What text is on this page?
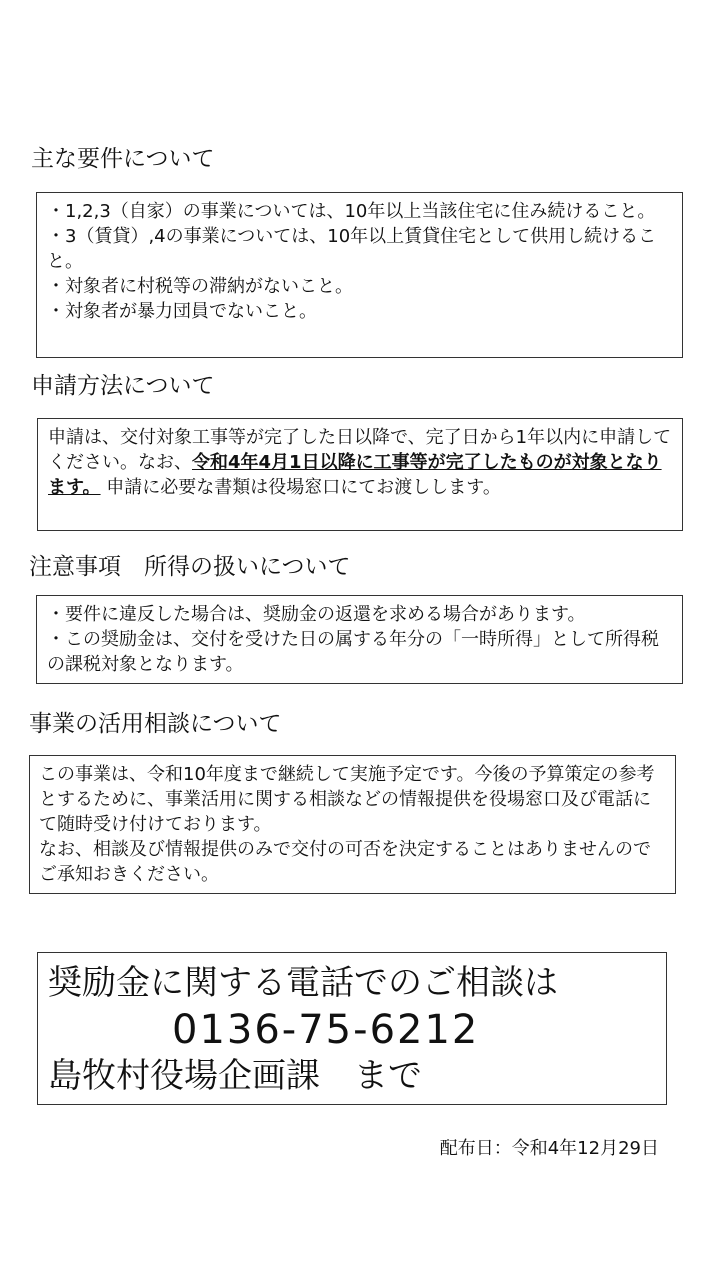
主な要件について

・1,2,3（自家）の事業については、10年以上当該住宅に住み続けること。

・3（賃貸）,4の事業については、10年以上賃貸住宅として供用し続けること。

・対象者に村税等の滞納がないこと。

・対象者が暴力団員でないこと。

申請方法について

申請は、交付対象工事等が完了した日以降で、完了日から1年以内に申請してください。なお、令和4年4月1日以降に工事等が完了したものが対象となります。 申請に必要な書類は役場窓口にてお渡しします。

注意事項　所得の扱いについて

・要件に違反した場合は、奨励金の返還を求める場合があります。

・この奨励金は、交付を受けた日の属する年分の「一時所得」として所得税の課税対象となります。

事業の活用相談について

この事業は、令和10年度まで継続して実施予定です。今後の予算策定の参考とするために、事業活用に関する相談などの情報提供を役場窓口及び電話にて随時受け付けております。

なお、相談及び情報提供のみで交付の可否を決定することはありませんのでご承知おきください。

奨励金に関する電話でのご相談は
0136-75-6212
島牧村役場企画課　まで
配布日：令和4年12月29日
